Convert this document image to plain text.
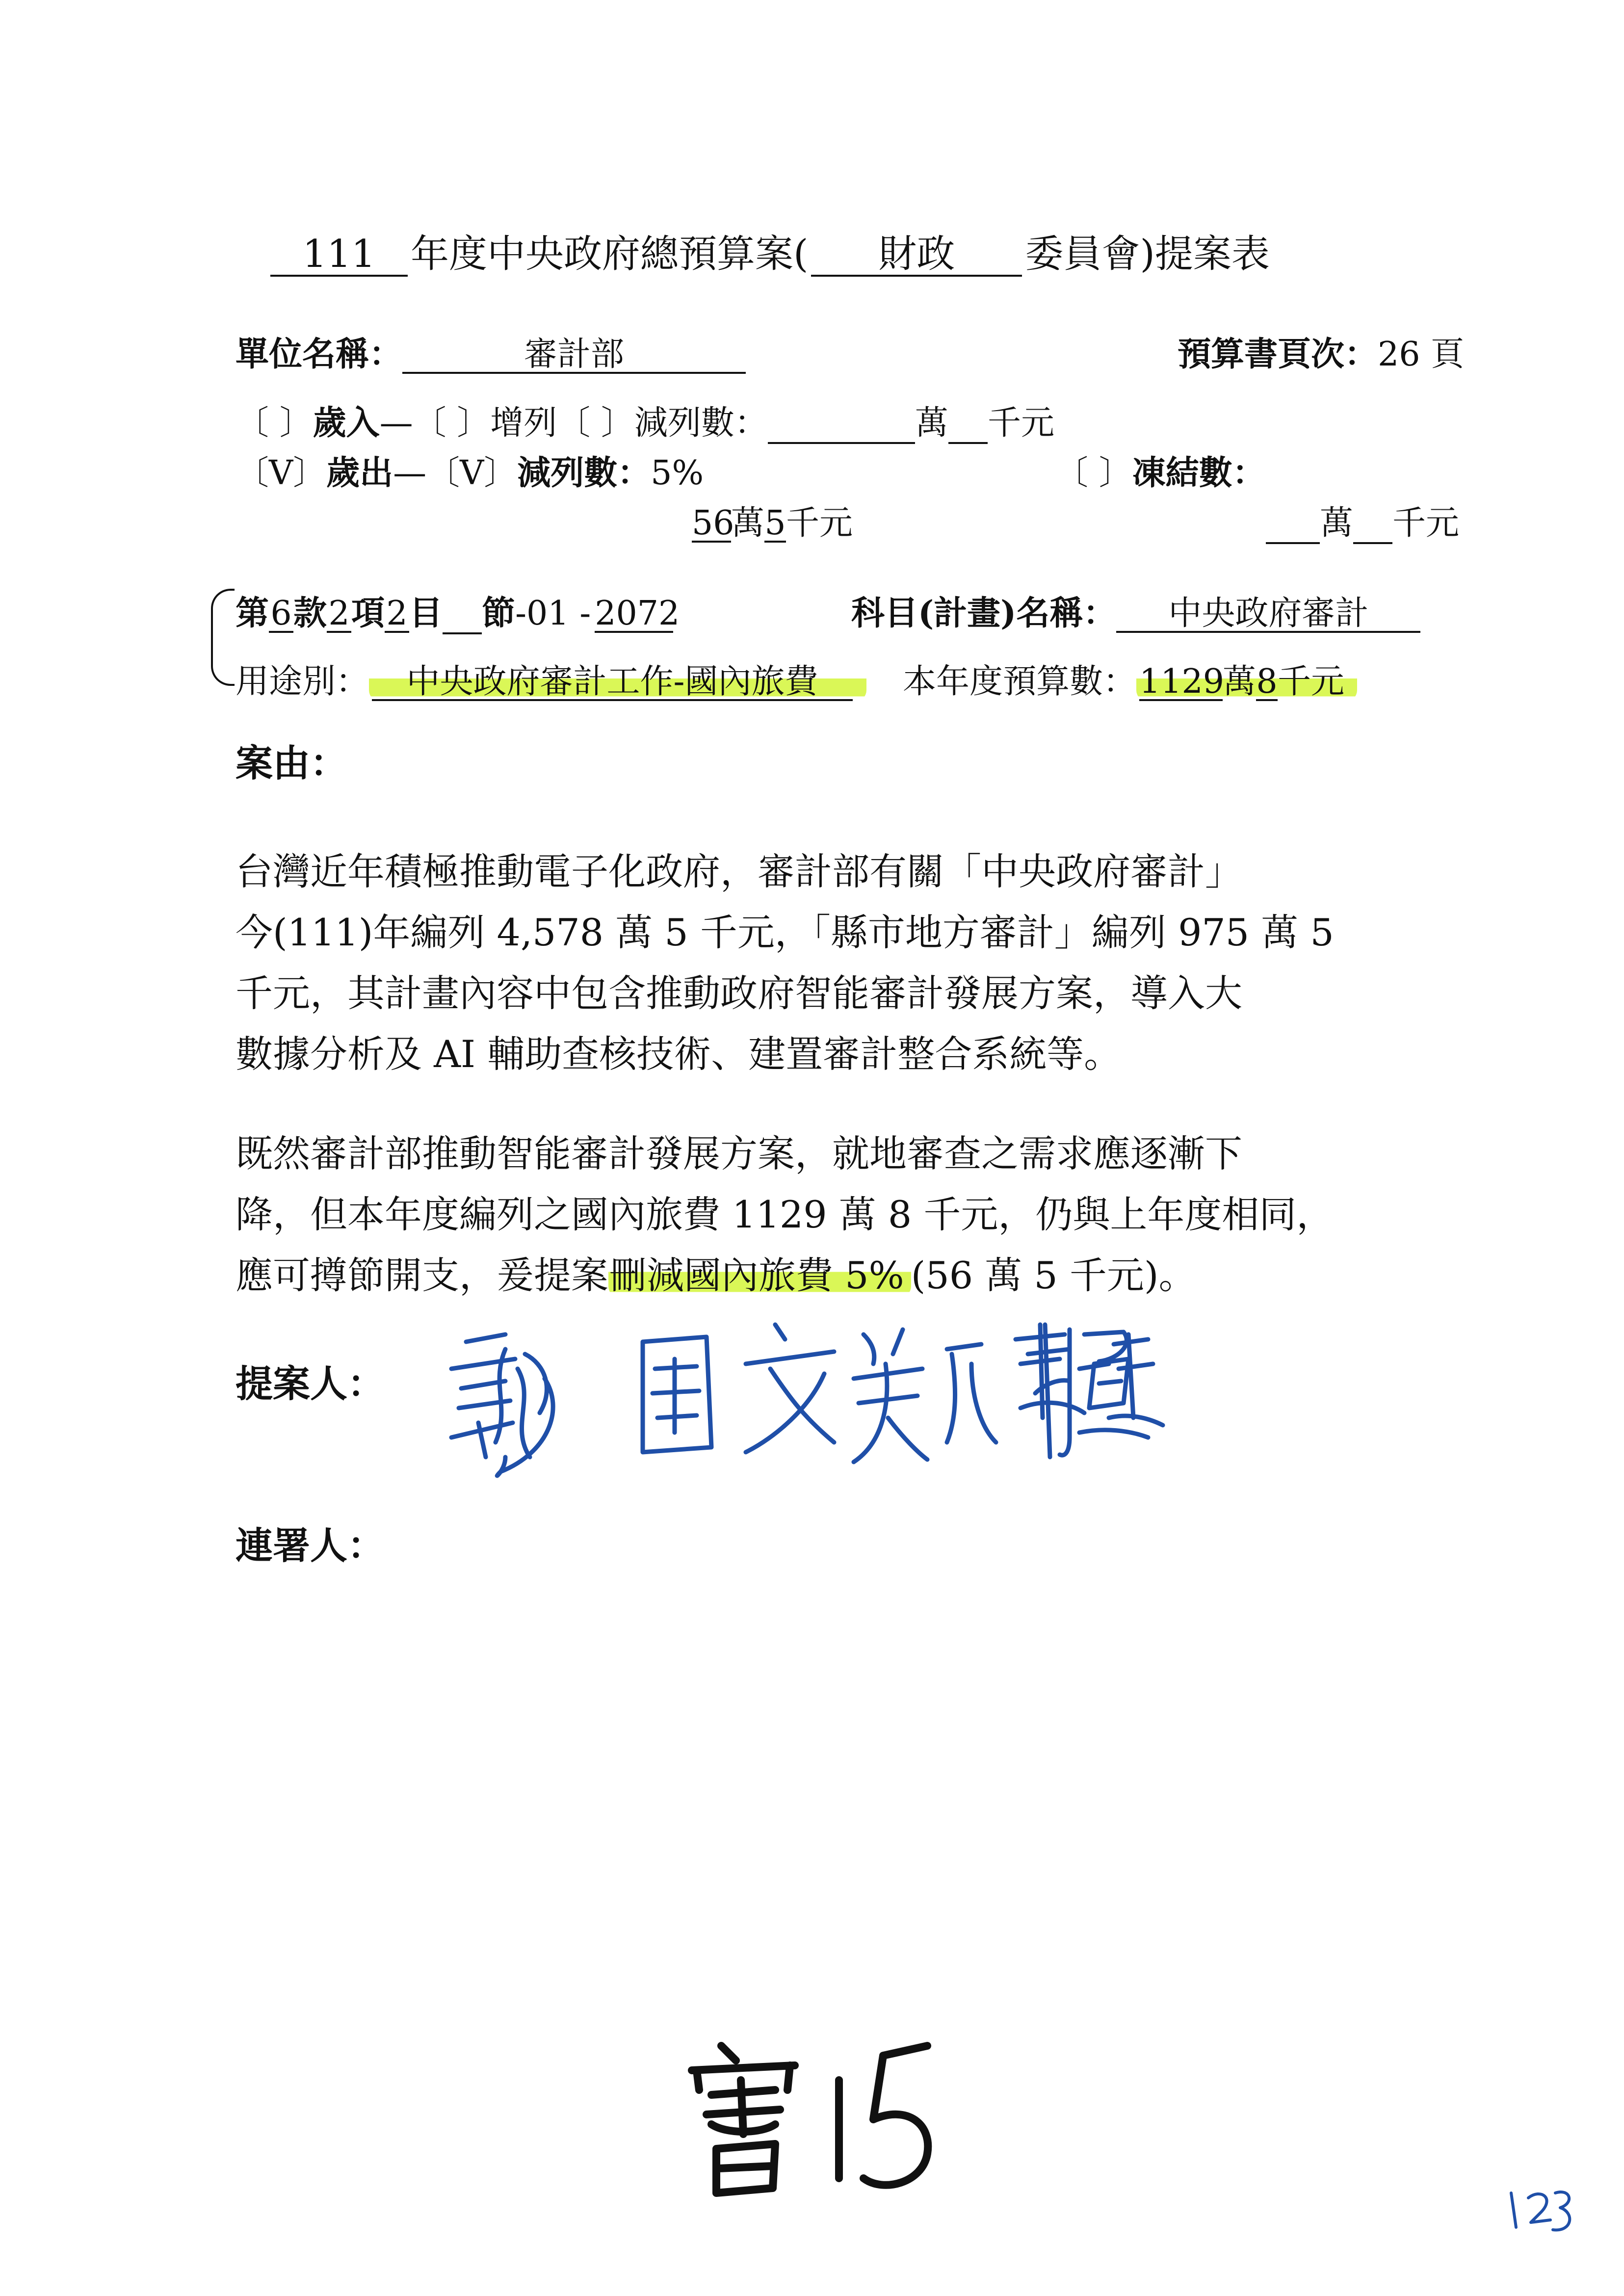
111 年度中央政府總預算案( 財政 委員會)提案表
單位名稱：	審計部	預算書頁次：26 頁
〔 〕歲入—〔 〕增列〔 〕減列數：	萬 千元
〔V〕歲出—〔V〕減列數：5%
56萬5千元
〔 〕凍結數：
萬 千元
第6款2項2目 節-01 - 2072	科目(計畫)名稱： 中央政府審計
用途別： 中央政府審計工作-國內旅費	本年度預算數：1129萬8千元
案由：
台灣近年積極推動電子化政府，審計部有關「中央政府審計」
今(111)年編列 4,578 萬 5 千元，「縣市地方審計」編列 975 萬 5
千元，其計畫內容中包含推動政府智能審計發展方案，導入大
數據分析及 AI 輔助查核技術、建置審計整合系統等。
既然審計部推動智能審計發展方案，就地審查之需求應逐漸下
降，但本年度編列之國內旅費 1129 萬 8 千元，仍與上年度相同，
應可撙節開支，爰提案刪減國內旅費 5% (56 萬 5 千元)。
提案人：
連署人：
